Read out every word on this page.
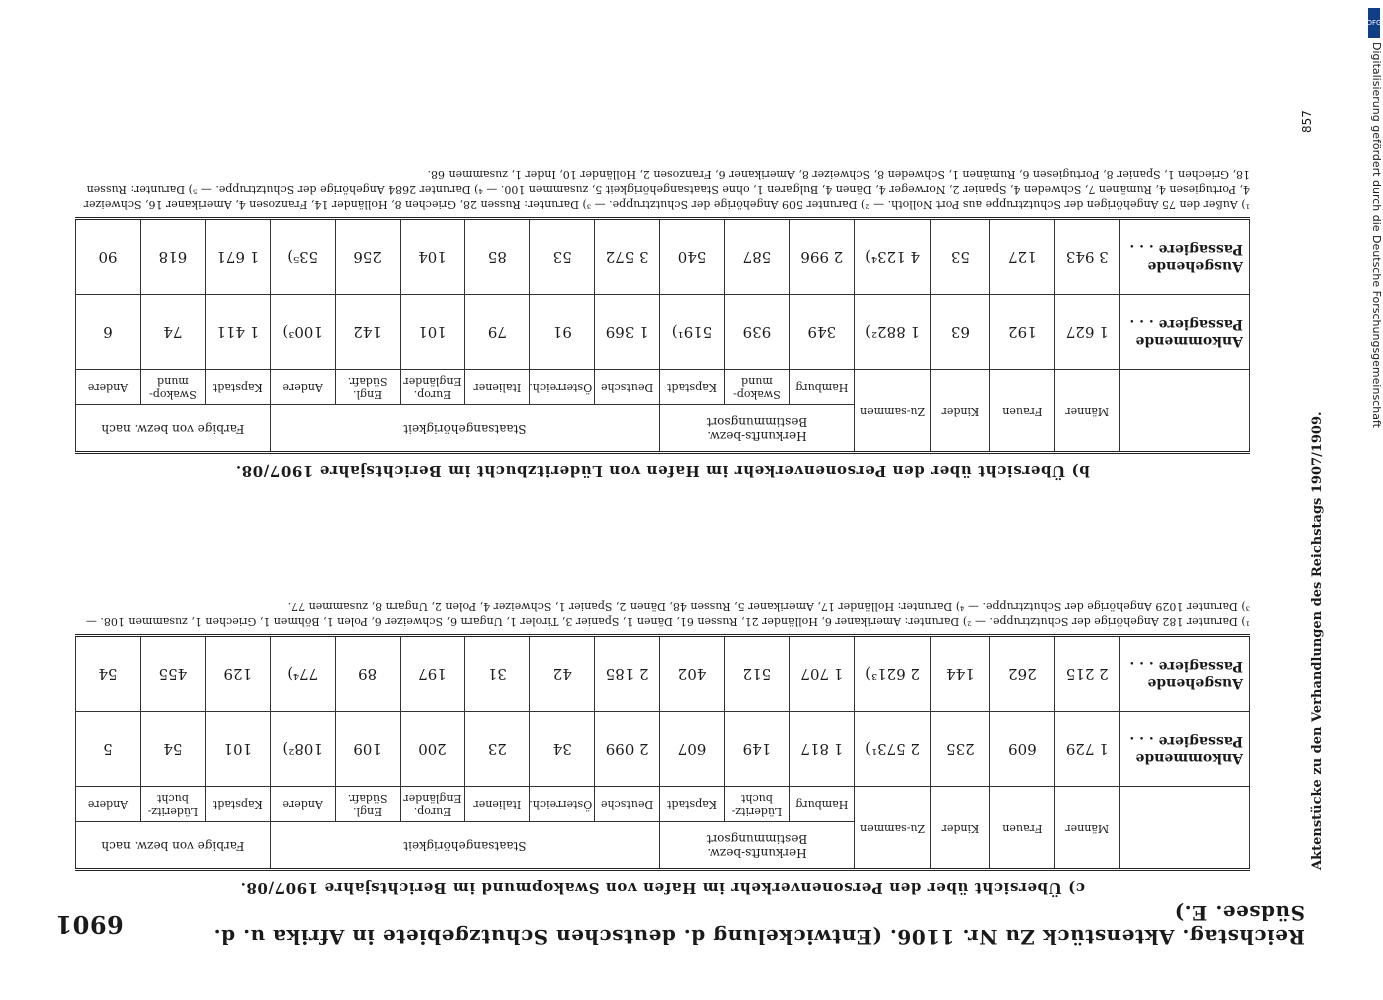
Reichstag. Aktenstück Zu Nr. 1106. (Entwickelung d. deutschen Schutzgebiete in Afrika u. d. Südsee. E.)
6901
c) Übersicht über den Personenverkehr im Hafen von Swakopmund im Berichtsjahre 1907/08.
	Männer	Frauen	Kinder	Zu-sammen	Herkunfts-bezw. Bestimmungsort			Staatsangehörigkeit						Farbige von bezw. nach		
					Hamburg	Lüderitz-bucht	Kapstadt	Deutsche	Österreich.	Italiener	Europ. Engländer	Engl. Südafr.	Andere	Kapstadt	Lüderitz-bucht	Andere
Ankommende Passagiere . . .	1 729	609	235	2 573¹)	1 817	149	607	2 099	34	23	200	109	108²)	101	54	5
Ausgehende Passagiere . . .	2 215	262	144	2 621³)	1 707	512	402	2 185	42	31	197	89	77⁴)	129	455	54

¹) Darunter 182 Angehörige der Schutztruppe. — ²) Darunter: Amerikaner 6, Holländer 21, Russen 61, Dänen 1, Spanier 3, Tiroler 1, Ungarn 6, Schweizer 6, Polen 1, Böhmen 1, Griechen 1, zusammen 108. — ³) Darunter 1029 Angehörige der Schutztruppe. — ⁴) Darunter: Holländer 17, Amerikaner 5, Russen 48, Dänen 2, Spanier 1, Schweizer 4, Polen 2, Ungarn 8, zusammen 77.

b) Übersicht über den Personenverkehr im Hafen von Lüderitzbucht im Berichtsjahre 1907/08.
	Männer	Frauen	Kinder	Zu-sammen	Herkunfts-bezw. Bestimmungsort			Staatsangehörigkeit						Farbige von bezw. nach		
					Hamburg	Swakop-mund	Kapstadt	Deutsche	Österreich.	Italiener	Europ. Engländer	Engl. Südafr.	Andere	Kapstadt	Swakop-mund	Andere
Ankommende Passagiere . . .	1 627	192	63	1 882²)	349	939	519¹)	1 369	91	79	101	142	100³)	1 411	74	6
Ausgehende Passagiere . . .	3 943	127	53	4 123⁴)	2 996	587	540	3 572	53	85	104	256	53⁵)	1 671	618	90

¹) Außer den 75 Angehörigen der Schutztruppe aus Port Nolloth. — ²) Darunter 509 Angehörige der Schutztruppe. — ³) Darunter: Russen 28, Griechen 8, Holländer 14, Franzosen 4, Amerikaner 16, Schweizer 4, Portugiesen 4, Rumänen 7, Schweden 4, Spanier 2, Norweger 4, Dänen 4, Bulgaren 1, ohne Staatsangehörigkeit 5, zusammen 100. — ⁴) Darunter 2684 Angehörige der Schutztruppe. — ⁵) Darunter: Russen 18, Griechen 1, Spanier 8, Portugiesen 6, Rumänen 1, Schweden 8, Schweizer 8, Amerikaner 6, Franzosen 2, Holländer 10, Inder 1, zusammen 68.

857
Aktenstücke zu den Verhandlungen des Reichstags 1907/1909.
DFG
Digitalisierung gefördert durch die Deutsche Forschungsgemeinschaft
